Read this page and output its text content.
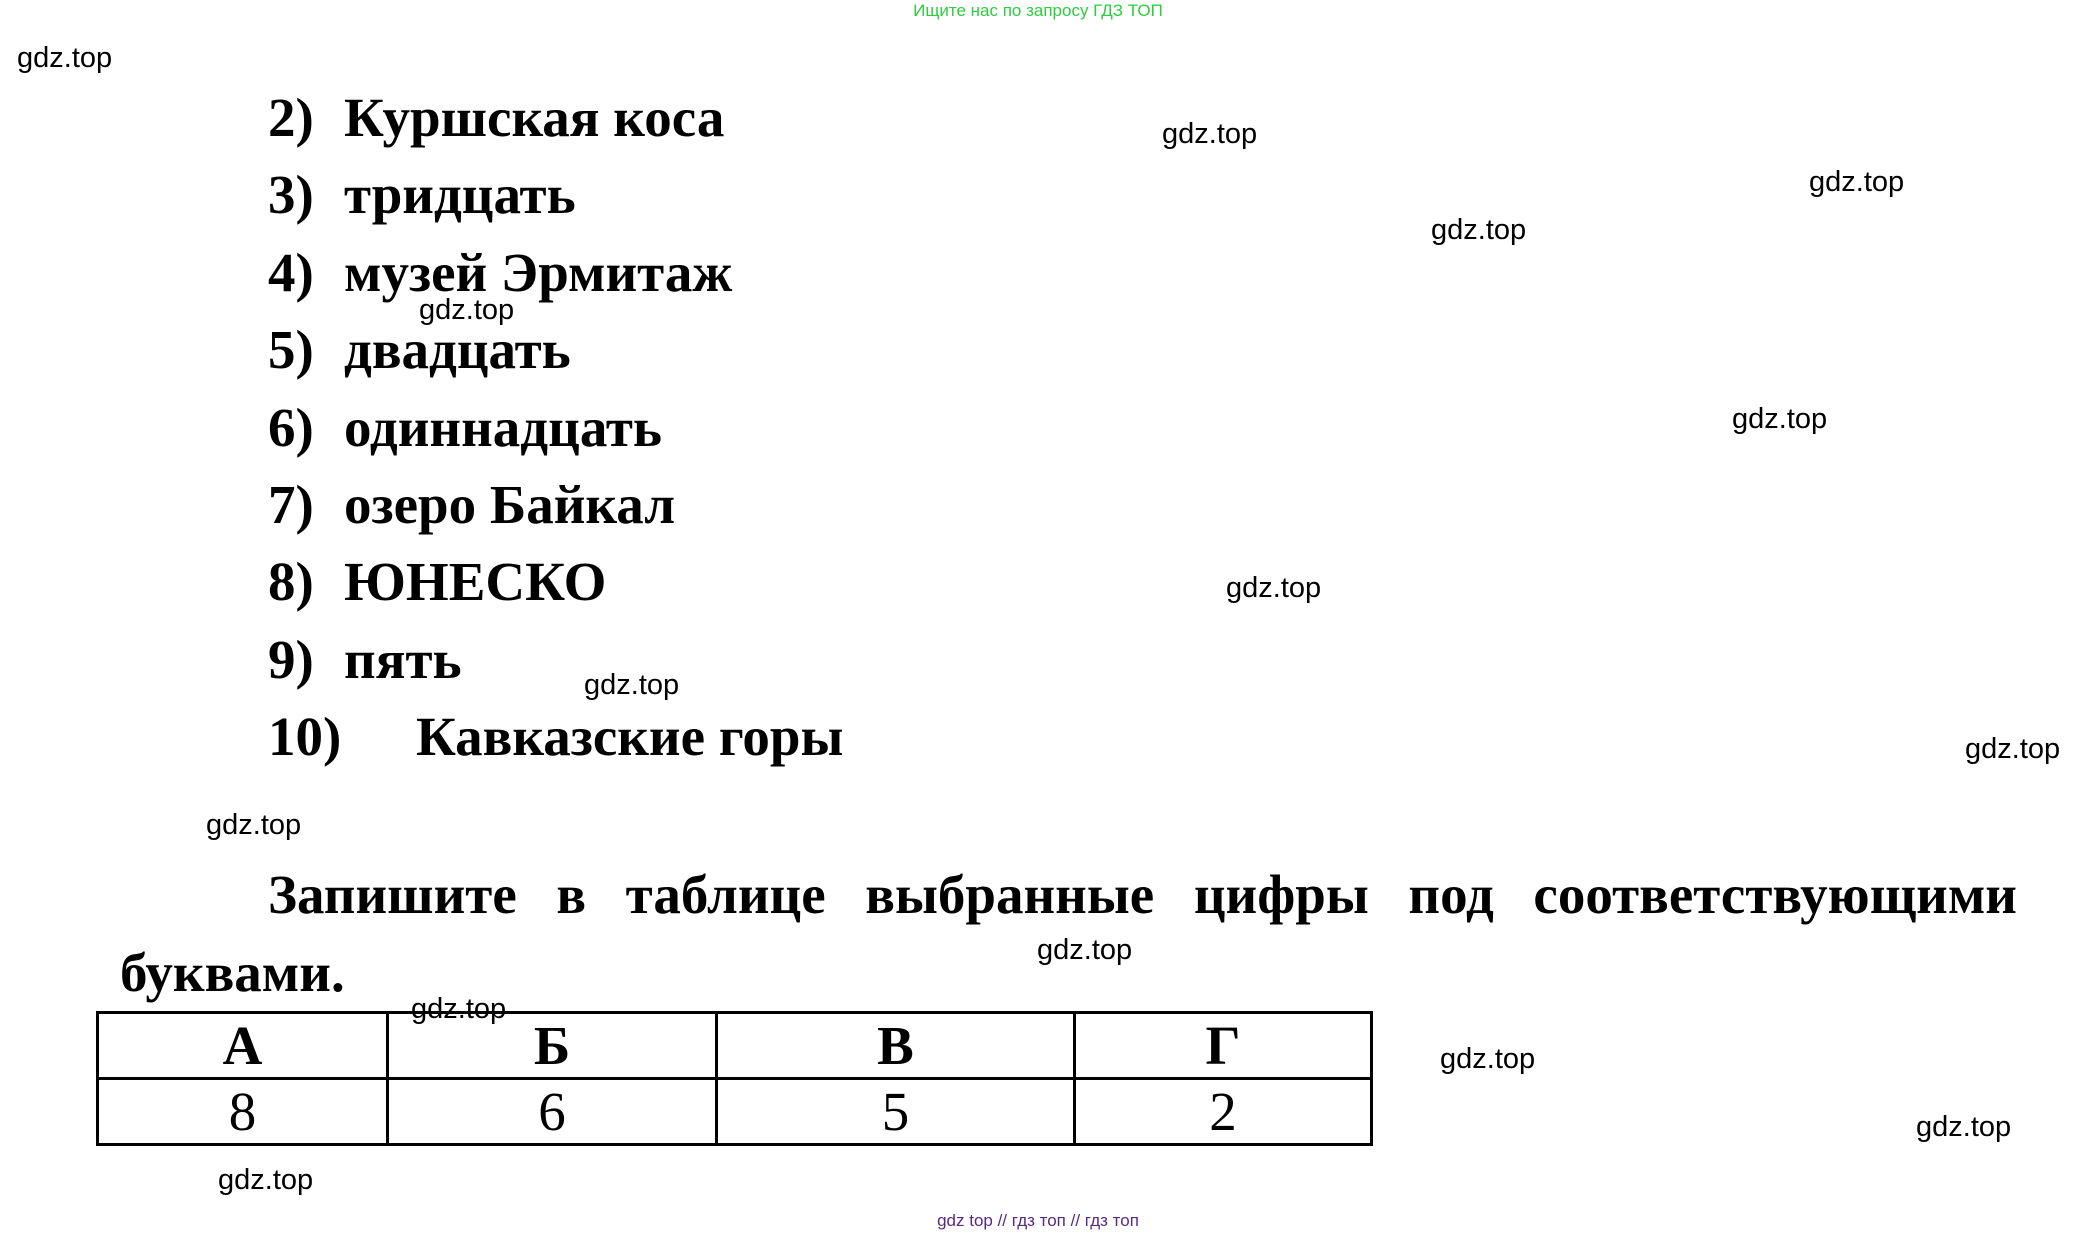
Ищите нас по запросу ГДЗ ТОП
2) Куршская коса
3) тридцать
4) музей Эрмитаж
5) двадцать
6) одиннадцать
7) озеро Байкал
8) ЮНЕСКО
9) пять
10) Кавказские горы

Запишите в таблице выбранные цифры под соответствующими буквами.

А	Б	В	Г
8	6	5	2
gdz.top
gdz.top
gdz.top
gdz.top
gdz.top
gdz.top
gdz.top
gdz.top
gdz.top
gdz.top
gdz.top
gdz.top
gdz.top
gdz.top
gdz.top
gdz top // гдз топ // гдз топ
